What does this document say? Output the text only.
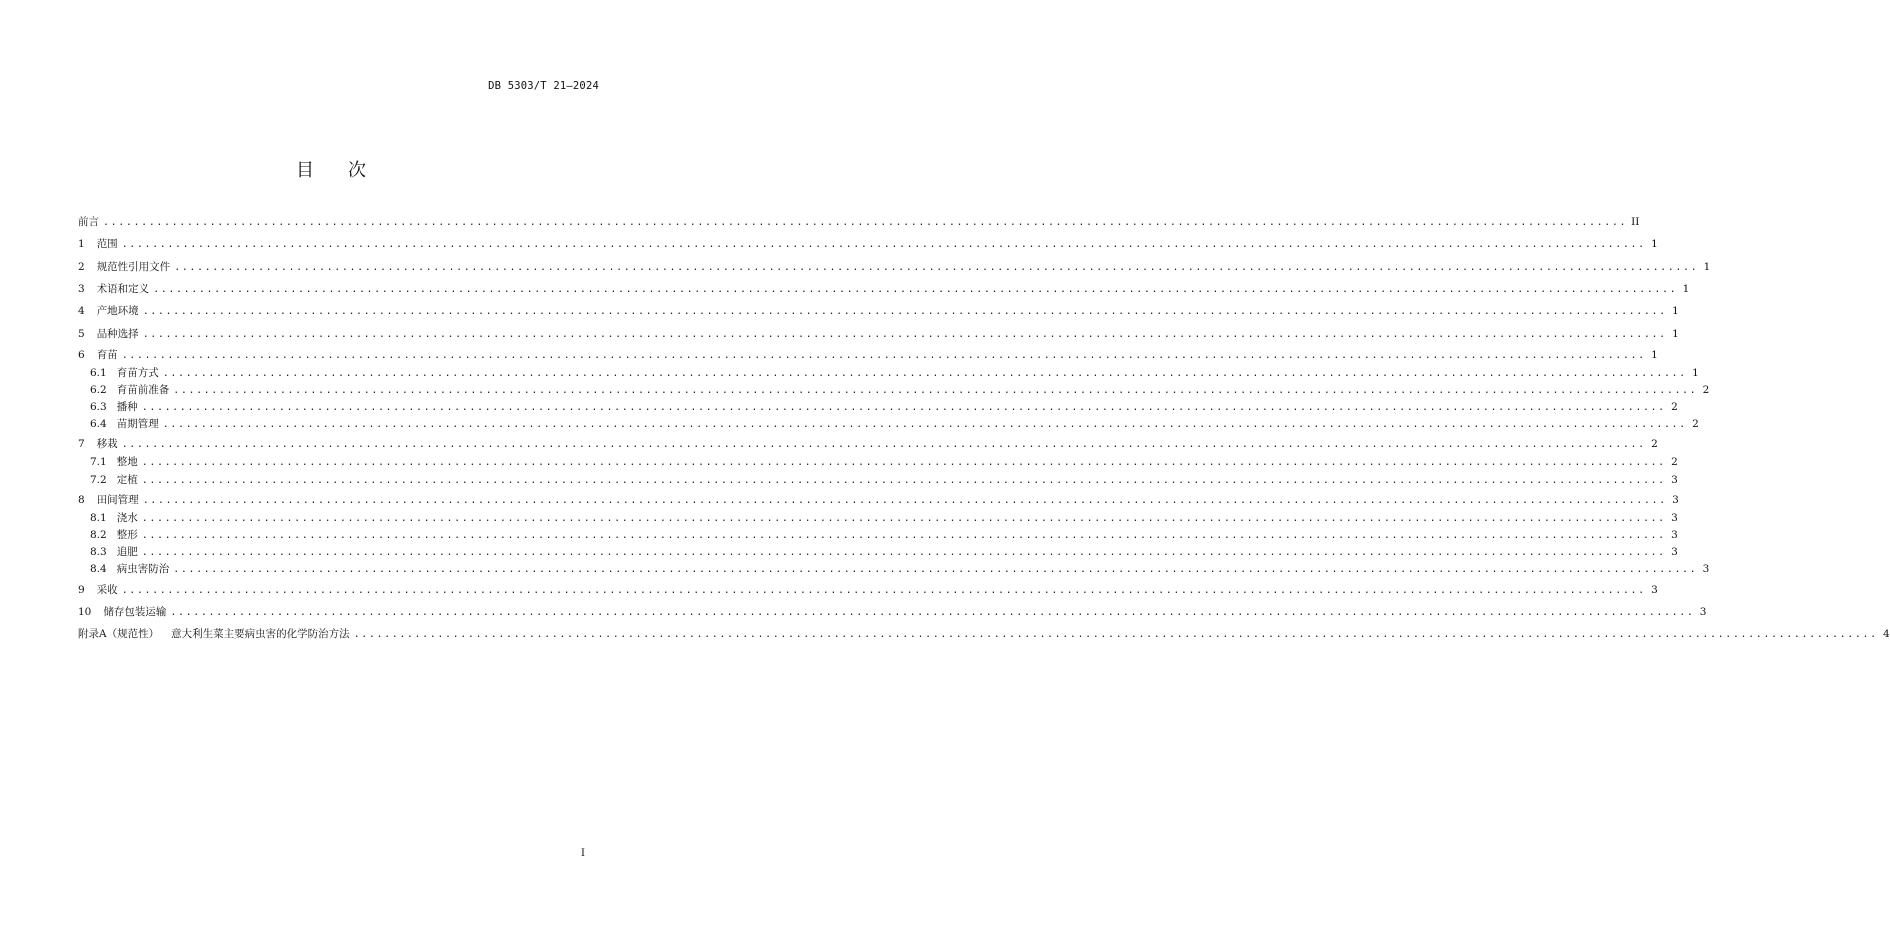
DB 5303/T 21—2024
目次
前言 ........................................................................................................................................................................................................ II
1 范围 ........................................................................................................................................................................................................ 1
2 规范性引用文件 ........................................................................................................................................................................................................ 1
3 术语和定义 ........................................................................................................................................................................................................ 1
4 产地环境 ........................................................................................................................................................................................................ 1
5 品种选择 ........................................................................................................................................................................................................ 1
6 育苗 ........................................................................................................................................................................................................ 1
6.1 育苗方式 ........................................................................................................................................................................................................ 1
6.2 育苗前准备 ........................................................................................................................................................................................................ 2
6.3 播种 ........................................................................................................................................................................................................ 2
6.4 苗期管理 ........................................................................................................................................................................................................ 2
7 移栽 ........................................................................................................................................................................................................ 2
7.1 整地 ........................................................................................................................................................................................................ 2
7.2 定植 ........................................................................................................................................................................................................ 3
8 田间管理 ........................................................................................................................................................................................................ 3
8.1 浇水 ........................................................................................................................................................................................................ 3
8.2 整形 ........................................................................................................................................................................................................ 3
8.3 追肥 ........................................................................................................................................................................................................ 3
8.4 病虫害防治 ........................................................................................................................................................................................................ 3
9 采收 ........................................................................................................................................................................................................ 3
10 储存包装运输 ........................................................................................................................................................................................................ 3
附录A（规范性） 意大利生菜主要病虫害的化学防治方法 ........................................................................................................................................................................................................ 4
I
